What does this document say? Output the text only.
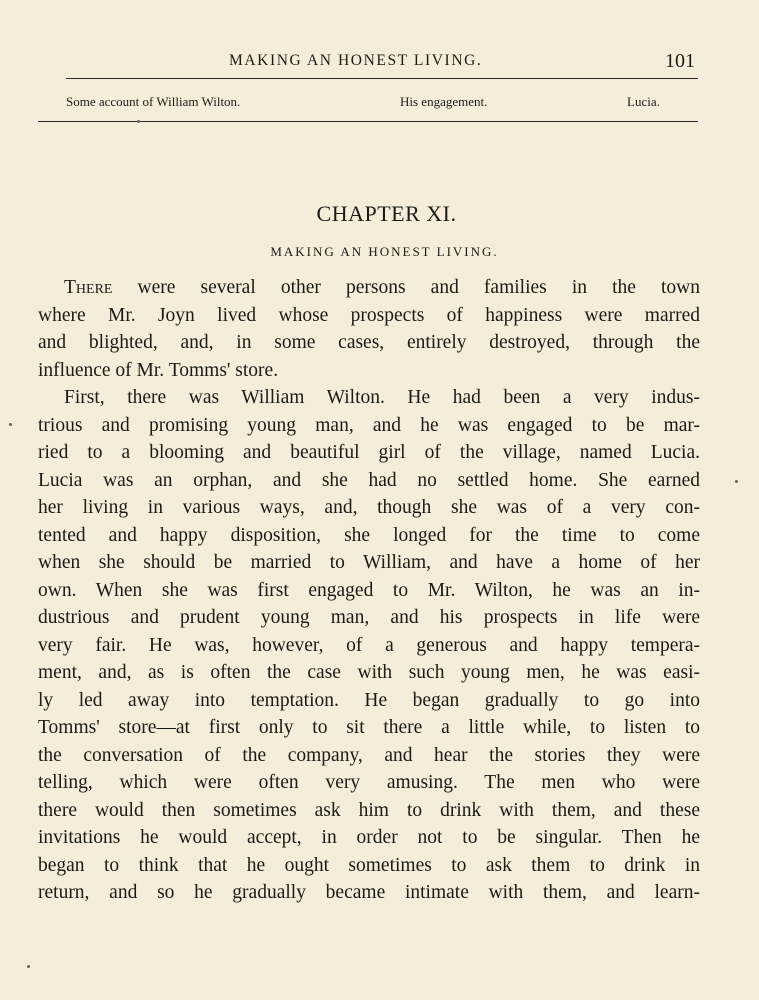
MAKING AN HONEST LIVING.	101
Some account of William Wilton.	His engagement.	Lucia.
CHAPTER XI.
MAKING AN HONEST LIVING.
There were several other persons and families in the town
where Mr. Joyn lived whose prospects of happiness were marred
and blighted, and, in some cases, entirely destroyed, through the
influence of Mr. Tomms' store.
First, there was William Wilton. He had been a very indus-
trious and promising young man, and he was engaged to be mar-
ried to a blooming and beautiful girl of the village, named Lucia.
Lucia was an orphan, and she had no settled home. She earned
her living in various ways, and, though she was of a very con-
tented and happy disposition, she longed for the time to come
when she should be married to William, and have a home of her
own. When she was first engaged to Mr. Wilton, he was an in-
dustrious and prudent young man, and his prospects in life were
very fair. He was, however, of a generous and happy tempera-
ment, and, as is often the case with such young men, he was easi-
ly led away into temptation. He began gradually to go into
Tomms' store—at first only to sit there a little while, to listen to
the conversation of the company, and hear the stories they were
telling, which were often very amusing. The men who were
there would then sometimes ask him to drink with them, and these
invitations he would accept, in order not to be singular. Then he
began to think that he ought sometimes to ask them to drink in
return, and so he gradually became intimate with them, and learn-
